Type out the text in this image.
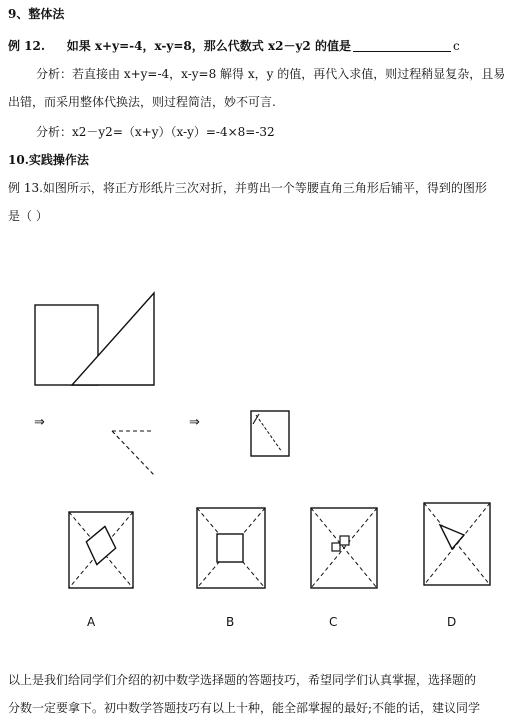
9、整体法
例 12. 如果 x+y=-4，x-y=8，那么代数式 x2－y2 的值是	c
分析：若直接由 x+y=-4，x-y=8 解得 x，y 的值，再代入求值，则过程稍显复杂，且易
出错，而采用整体代换法，则过程简洁，妙不可言.
分析：x2－y2=（x+y）（x-y）=-4×8=-32
10.实践操作法
例 13.如图所示，将正方形纸片三次对折，并剪出一个等腰直角三角形后铺平，得到的图形
是（ ）
⇒	⇒
A	B	C	D
以上是我们给同学们介绍的初中数学选择题的答题技巧，希望同学们认真掌握，选择题的
分数一定要拿下。初中数学答题技巧有以上十种，能全部掌握的最好;不能的话，建议同学
